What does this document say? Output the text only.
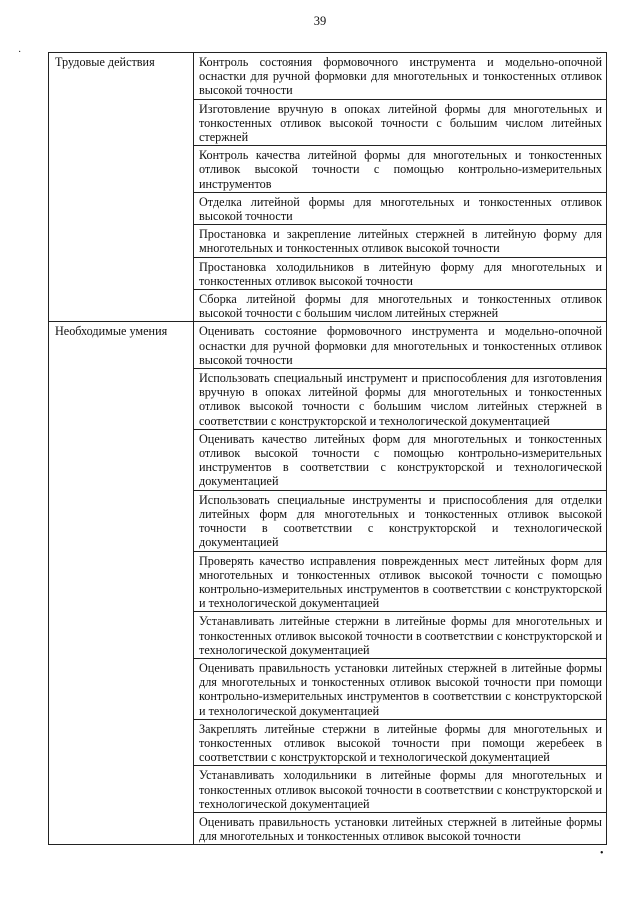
39
·
•
Трудовые действия	Контроль состояния формовочного инструмента и модельно-опочной оснастки для ручной формовки для многотельных и тонкостенных отливок высокой точности
	Изготовление вручную в опоках литейной формы для многотельных и тонкостенных отливок высокой точности с большим числом литейных стержней
	Контроль качества литейной формы для многотельных и тонкостенных отливок высокой точности с помощью контрольно-измерительных инструментов
	Отделка литейной формы для многотельных и тонкостенных отливок высокой точности
	Простановка и закрепление литейных стержней в литейную форму для многотельных и тонкостенных отливок высокой точности
	Простановка холодильников в литейную форму для многотельных и тонкостенных отливок высокой точности
	Сборка литейной формы для многотельных и тонкостенных отливок высокой точности с большим числом литейных стержней
Необходимые умения	Оценивать состояние формовочного инструмента и модельно-опочной оснастки для ручной формовки для многотельных и тонкостенных отливок высокой точности
	Использовать специальный инструмент и приспособления для изготовления вручную в опоках литейной формы для многотельных и тонкостенных отливок высокой точности с большим числом литейных стержней в соответствии с конструкторской и технологической документацией
	Оценивать качество литейных форм для многотельных и тонкостенных отливок высокой точности с помощью контрольно-измерительных инструментов в соответствии с конструкторской и технологической документацией
	Использовать специальные инструменты и приспособления для отделки литейных форм для многотельных и тонкостенных отливок высокой точности в соответствии с конструкторской и технологической документацией
	Проверять качество исправления поврежденных мест литейных форм для многотельных и тонкостенных отливок высокой точности с помощью контрольно-измерительных инструментов в соответствии с конструкторской и технологической документацией
	Устанавливать литейные стержни в литейные формы для многотельных и тонкостенных отливок высокой точности в соответствии с конструкторской и технологической документацией
	Оценивать правильность установки литейных стержней в литейные формы для многотельных и тонкостенных отливок высокой точности при помощи контрольно-измерительных инструментов в соответствии с конструкторской и технологической документацией
	Закреплять литейные стержни в литейные формы для многотельных и тонкостенных отливок высокой точности при помощи жеребеек в соответствии с конструкторской и технологической документацией
	Устанавливать холодильники в литейные формы для многотельных и тонкостенных отливок высокой точности в соответствии с конструкторской и технологической документацией
	Оценивать правильность установки литейных стержней в литейные формы для многотельных и тонкостенных отливок высокой точности
